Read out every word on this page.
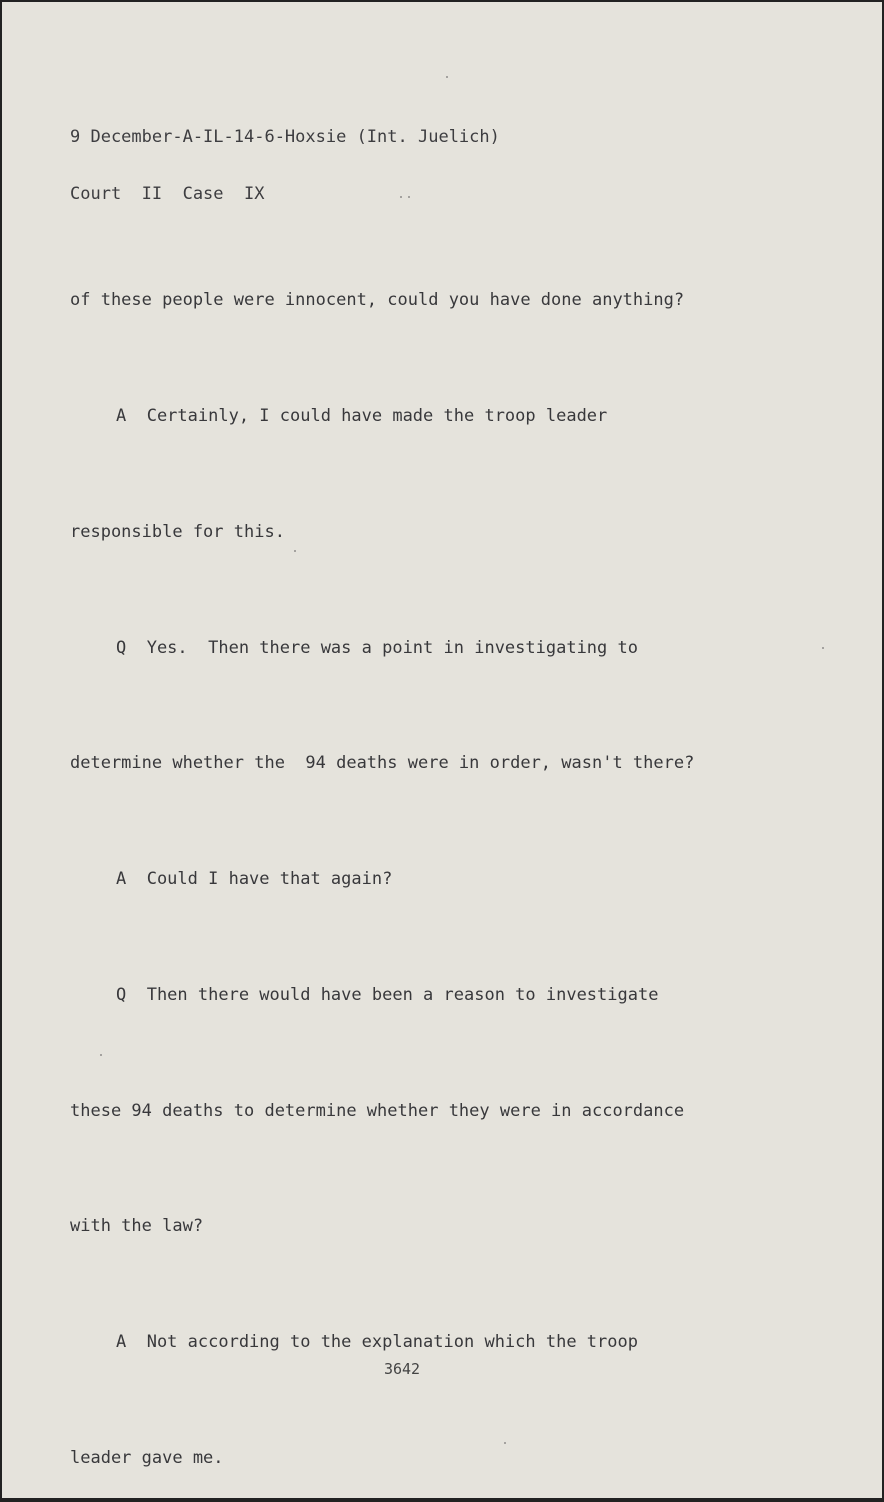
9 December-A-IL-14-6-Hoxsie (Int. Juelich)

Court  II  Case  IX

of these people were innocent, could you have done anything?

A  Certainly, I could have made the troop leader

responsible for this.

Q  Yes.  Then there was a point in investigating to

determine whether the  94 deaths were in order, wasn't there?

A  Could I have that again?

Q  Then there would have been a reason to investigate

these 94 deaths to determine whether they were in accordance

with the law?

A  Not according to the explanation which the troop

leader gave me.

3642
